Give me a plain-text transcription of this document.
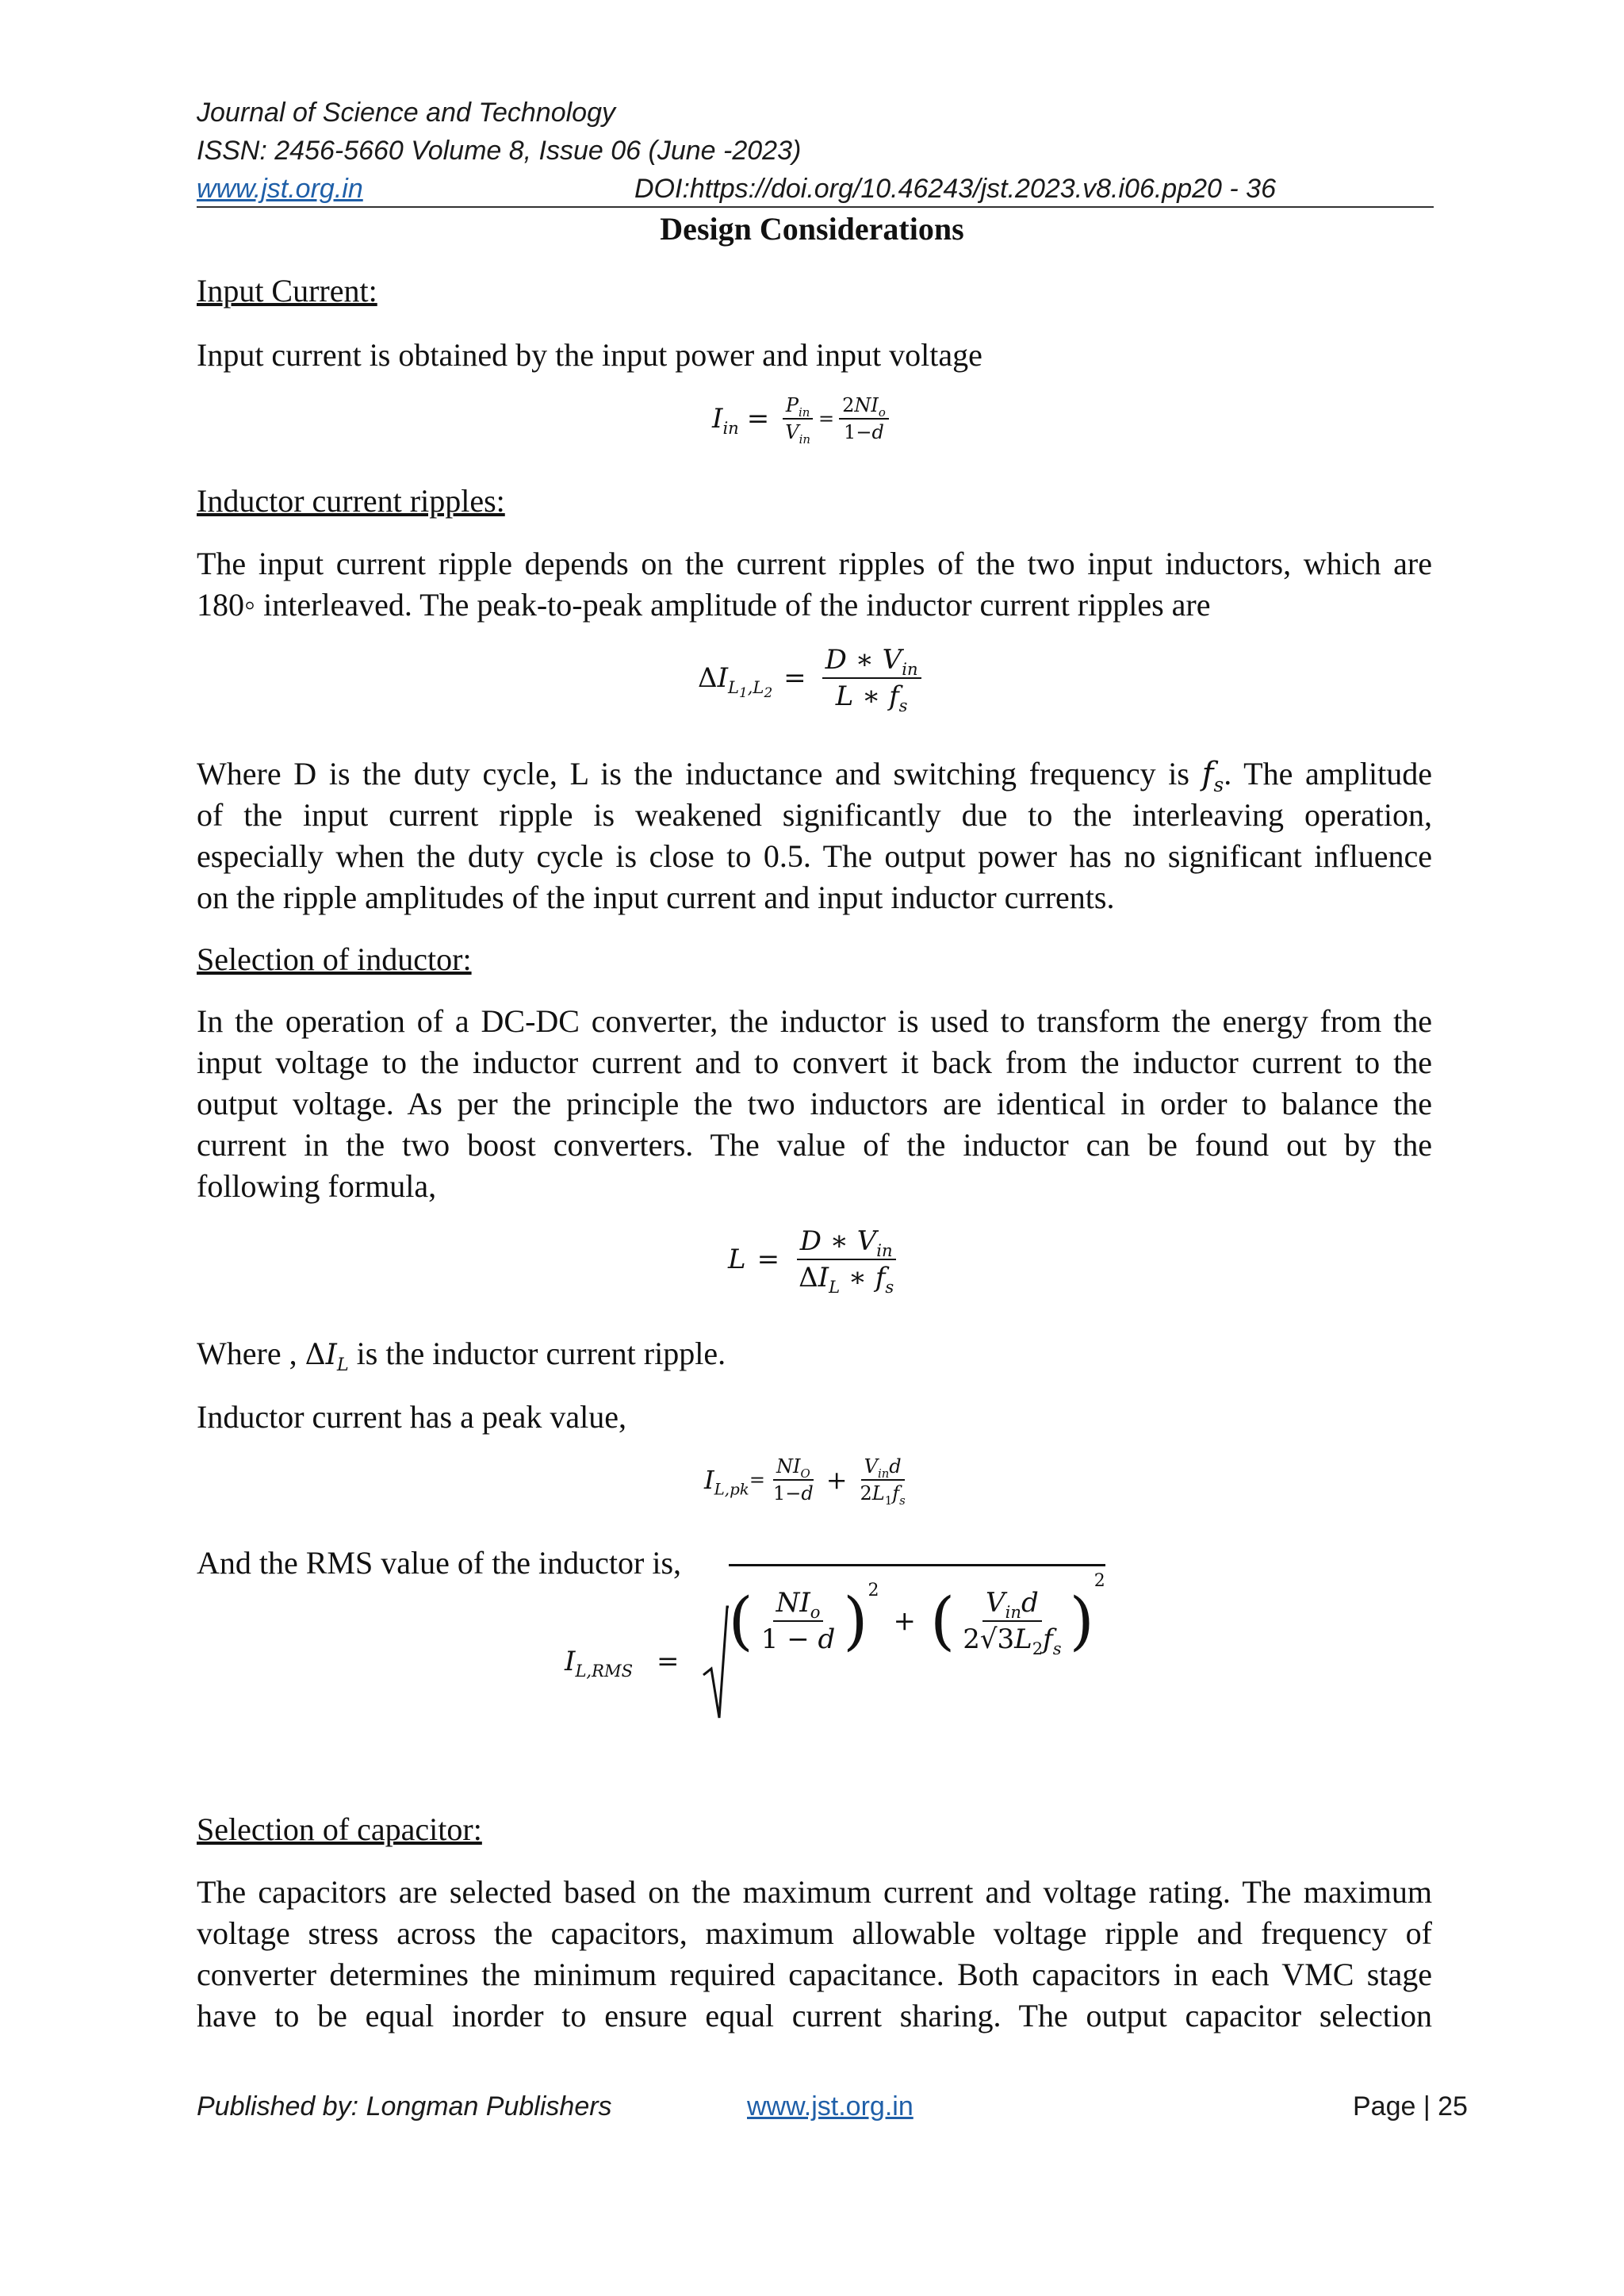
Journal of Science and Technology
ISSN: 2456-5660 Volume 8, Issue 06 (June -2023)
www.jst.org.in	DOI:https://doi.org/10.46243/jst.2023.v8.i06.pp20 - 36
Design Considerations
Input Current:
Input current is obtained by the input power and input voltage
$I_{in} = \frac{P_{in}}{V_{in}} = \frac{2NI_o}{1-d}$
Inductor current ripples:
The input current ripple depends on the current ripples of the two input inductors, which are
180◦ interleaved. The peak-to-peak amplitude of the inductor current ripples are
Δ $I_{L_1,L_2} = \frac{D ∗ V_{in}}{L ∗ f_s}$
Where D is the duty cycle, L is the inductance and switching frequency is $f_s$. The amplitude
of the input current ripple is weakened significantly due to the interleaving operation,
especially when the duty cycle is close to 0.5. The output power has no significant influence
on the ripple amplitudes of the input current and input inductor currents.
Selection of inductor:
In the operation of a DC-DC converter, the inductor is used to transform the energy from the
input voltage to the inductor current and to convert it back from the inductor current to the
output voltage. As per the principle the two inductors are identical in order to balance the
current in the two boost converters. The value of the inductor can be found out by the
following formula,
$L = \frac{D ∗ V_{in}}{\Delta I_L ∗ f_s}$
Where , $\Delta I_L$ is the inductor current ripple.
Inductor current has a peak value,
$I_{L,pk} = \frac{NI_O}{1-d} + \frac{V_{in}d}{2L_1f_s}$
And the RMS value of the inductor is,
$I_{L,RMS}$ =
( $\frac{NI_o}{1 - d} )^2$
+ ( $\frac{V_{in}d}{2√3L_2f_s}$ )
$^2$
Selection of capacitor:
The capacitors are selected based on the maximum current and voltage rating. The maximum
voltage stress across the capacitors, maximum allowable voltage ripple and frequency of
converter determines the minimum required capacitance. Both capacitors in each VMC stage
have to be equal inorder to ensure equal current sharing. The output capacitor selection
Published by: Longman Publishers	www.jst.org.in	Page | 25
